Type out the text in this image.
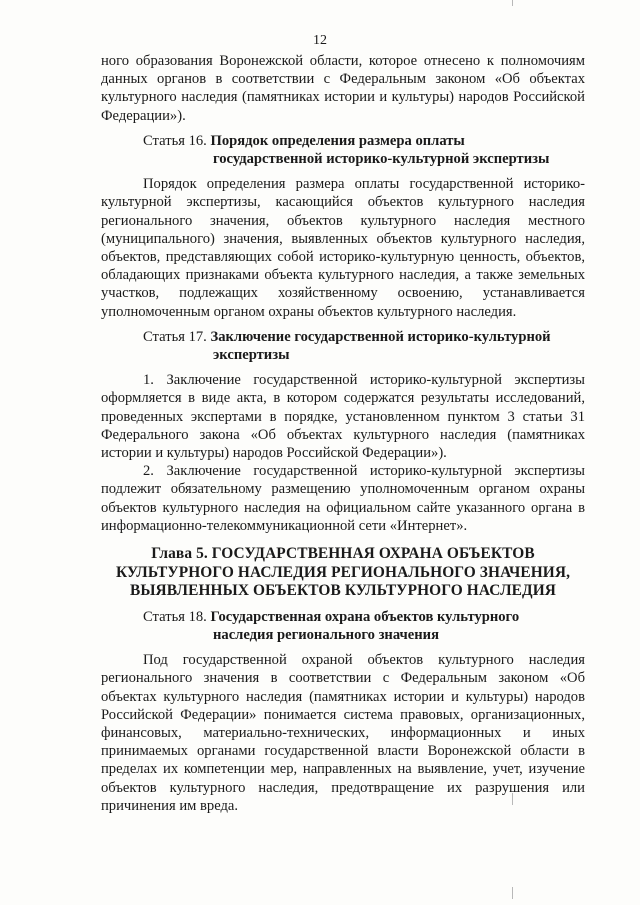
12

ного образования Воронежской области, которое отнесено к полномочиям данных органов в соответствии с Федеральным законом «Об объектах культурного наследия (памятниках истории и культуры) народов Российской Федерации»).

Статья 16. Порядок определения размера оплаты
государственной историко-культурной экспертизы

Порядок определения размера оплаты государственной историко-культурной экспертизы, касающийся объектов культурного наследия регионального значения, объектов культурного наследия местного (муниципального) значения, выявленных объектов культурного наследия, объектов, представляющих собой историко-культурную ценность, объектов, обладающих признаками объекта культурного наследия, а также земельных участков, подлежащих хозяйственному освоению, устанавливается уполномоченным органом охраны объектов культурного наследия.

Статья 17. Заключение государственной историко-культурной
экспертизы

1. Заключение государственной историко-культурной экспертизы оформляется в виде акта, в котором содержатся результаты исследований, проведенных экспертами в порядке, установленном пунктом 3 статьи 31 Федерального закона «Об объектах культурного наследия (памятниках истории и культуры) народов Российской Федерации»).

2. Заключение государственной историко-культурной экспертизы подлежит обязательному размещению уполномоченным органом охраны объектов культурного наследия на официальном сайте указанного органа в информационно-телекоммуникационной сети «Интернет».

Глава 5. ГОСУДАРСТВЕННАЯ ОХРАНА ОБЪЕКТОВ
КУЛЬТУРНОГО НАСЛЕДИЯ РЕГИОНАЛЬНОГО ЗНАЧЕНИЯ,
ВЫЯВЛЕННЫХ ОБЪЕКТОВ КУЛЬТУРНОГО НАСЛЕДИЯ
Статья 18. Государственная охрана объектов культурного
наследия регионального значения

Под государственной охраной объектов культурного наследия регионального значения в соответствии с Федеральным законом «Об объектах культурного наследия (памятниках истории и культуры) народов Российской Федерации» понимается система правовых, организационных, финансовых, материально-технических, информационных и иных принимаемых органами государственной власти Воронежской области в пределах их компетенции мер, направленных на выявление, учет, изучение объектов культурного наследия, предотвращение их разрушения или причинения им вреда.
